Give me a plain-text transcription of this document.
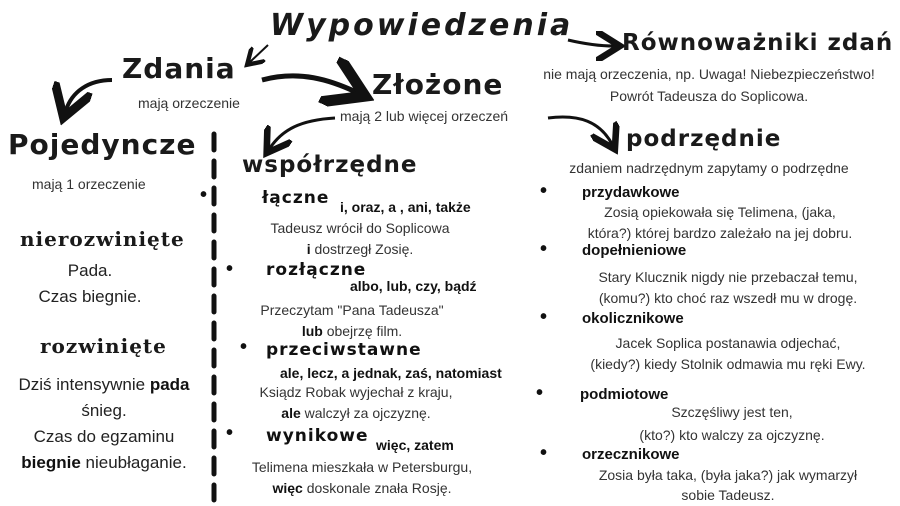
Wypowiedzenia Równoważniki zdań
nie mają orzeczenia, np. Uwaga! Niebezpieczeństwo!
Powrót Tadeusza do Soplicowa.
Zdania
mają orzeczenie
Złożone
mają 2 lub więcej orzeczeń
Pojedyncze
mają 1 orzeczenie
nierozwinięte
Pada.
Czas biegnie.
rozwinięte
Dziś intensywnie pada
śnieg.
Czas do egzaminu
biegnie nieubłaganie.
współrzędne
•	łączne i, oraz, a , ani, także
Tadeusz wrócił do Soplicowa
i dostrzegł Zosię.
• rozłączne
albo, lub, czy, bądź
Przeczytam "Pana Tadeusza"
lub obejrzę film.
• przeciwstawne
ale, lecz, a jednak, zaś, natomiast
Ksiądz Robak wyjechał z kraju,
ale walczył za ojczyznę.
• wynikowe więc, zatem
Telimena mieszkała w Petersburgu,
więc doskonale znała Rosję.
podrzędnie
zdaniem nadrzędnym zapytamy o podrzędne
• przydawkowe
Zosią opiekowała się Telimena, (jaka,
która?) której bardzo zależało na jej dobru.
• dopełnieniowe
Stary Klucznik nigdy nie przebaczał temu,
(komu?) kto choć raz wszedł mu w drogę.
• okolicznikowe
Jacek Soplica postanawia odjechać,
(kiedy?) kiedy Stolnik odmawia mu ręki Ewy.
• podmiotowe
Szczęśliwy jest ten,
(kto?) kto walczy za ojczyznę.
• orzecznikowe
Zosia była taka, (była jaka?) jak wymarzył
sobie Tadeusz.
